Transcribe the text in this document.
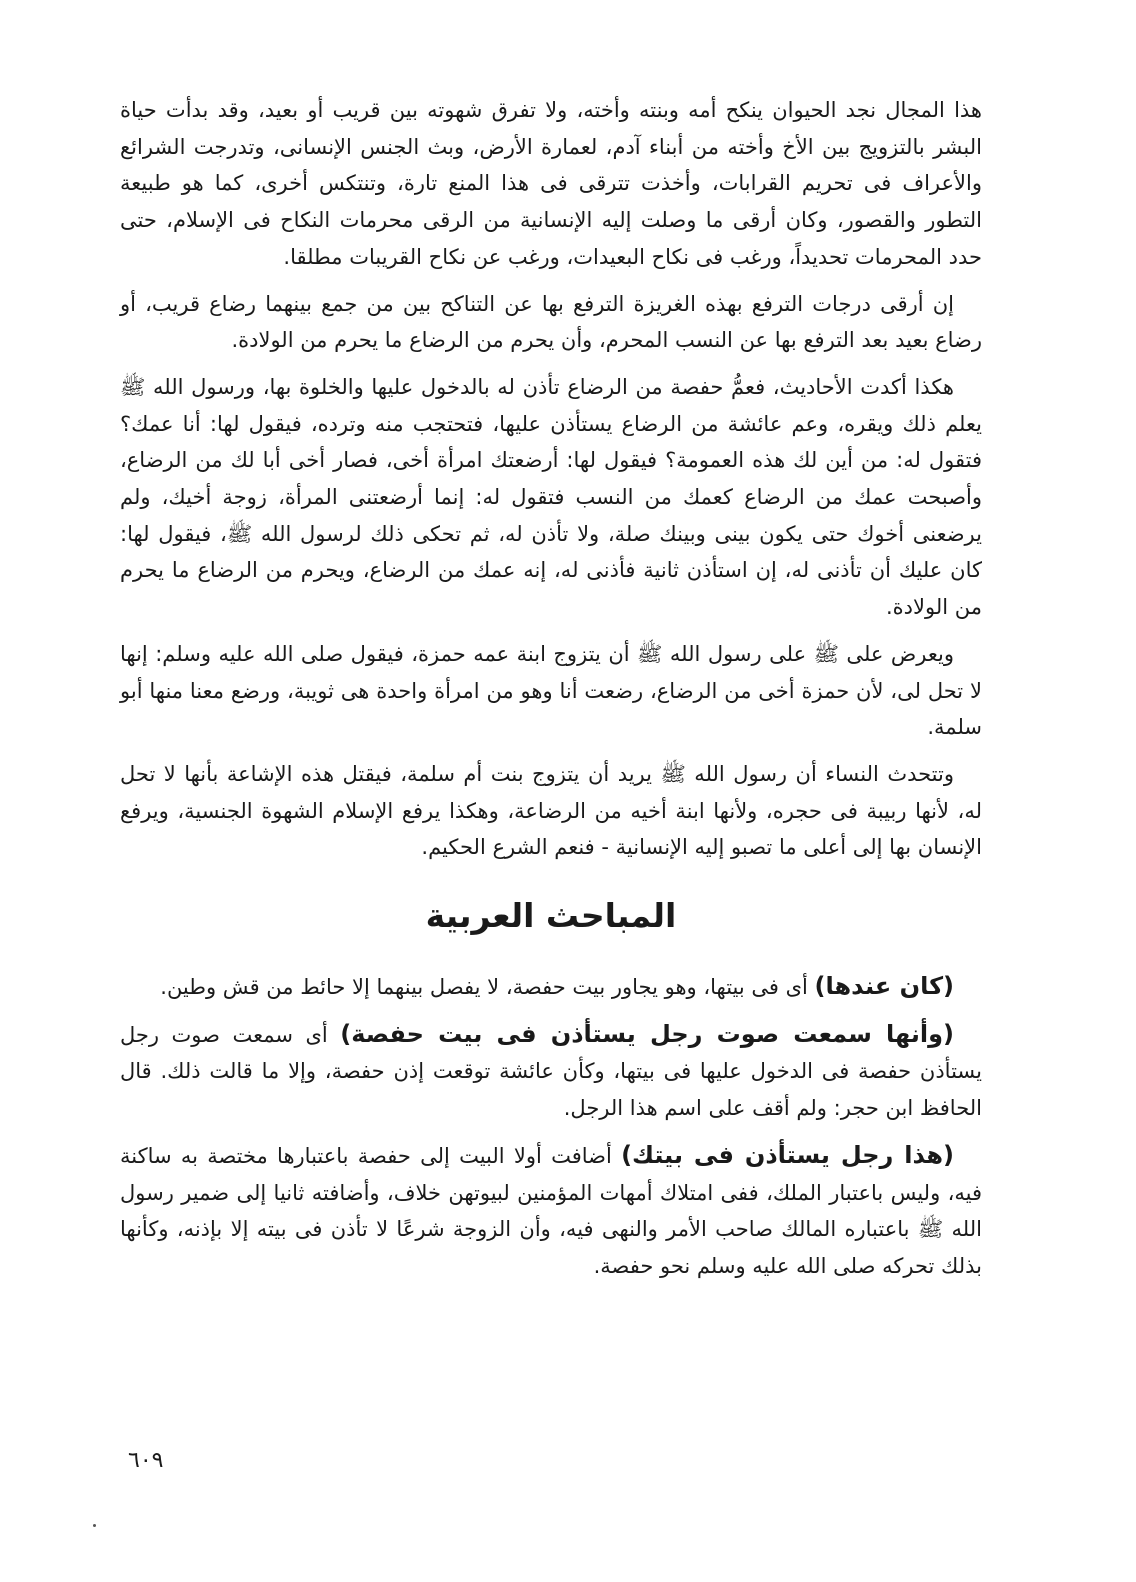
هذا المجال نجد الحيوان ينكح أمه وبنته وأخته، ولا تفرق شهوته بين قريب أو بعيد، وقد بدأت حياة البشر بالتزويج بين الأخ وأخته من أبناء آدم، لعمارة الأرض، وبث الجنس الإنسانى، وتدرجت الشرائع والأعراف فى تحريم القرابات، وأخذت تترقى فى هذا المنع تارة، وتنتكس أخرى، كما هو طبيعة التطور والقصور، وكان أرقى ما وصلت إليه الإنسانية من الرقى محرمات النكاح فى الإسلام، حتى حدد المحرمات تحديداً، ورغب فى نكاح البعيدات، ورغب عن نكاح القريبات مطلقا.

إن أرقى درجات الترفع بهذه الغريزة الترفع بها عن التناكح بين من جمع بينهما رضاع قريب، أو رضاع بعيد بعد الترفع بها عن النسب المحرم، وأن يحرم من الرضاع ما يحرم من الولادة.

هكذا أكدت الأحاديث، فعمُّ حفصة من الرضاع تأذن له بالدخول عليها والخلوة بها، ورسول الله ﷺ يعلم ذلك ويقره، وعم عائشة من الرضاع يستأذن عليها، فتحتجب منه وترده، فيقول لها: أنا عمك؟ فتقول له: من أين لك هذه العمومة؟ فيقول لها: أرضعتك امرأة أخى، فصار أخى أبا لك من الرضاع، وأصبحت عمك من الرضاع كعمك من النسب فتقول له: إنما أرضعتنى المرأة، زوجة أخيك، ولم يرضعنى أخوك حتى يكون بينى وبينك صلة، ولا تأذن له، ثم تحكى ذلك لرسول الله ﷺ، فيقول لها: كان عليك أن تأذنى له، إن استأذن ثانية فأذنى له، إنه عمك من الرضاع، ويحرم من الرضاع ما يحرم من الولادة.

ويعرض على ﷺ على رسول الله ﷺ أن يتزوج ابنة عمه حمزة، فيقول صلى الله عليه وسلم: إنها لا تحل لى، لأن حمزة أخى من الرضاع، رضعت أنا وهو من امرأة واحدة هى ثويبة، ورضع معنا منها أبو سلمة.

وتتحدث النساء أن رسول الله ﷺ يريد أن يتزوج بنت أم سلمة، فيقتل هذه الإشاعة بأنها لا تحل له، لأنها ربيبة فى حجره، ولأنها ابنة أخيه من الرضاعة، وهكذا يرفع الإسلام الشهوة الجنسية، ويرفع الإنسان بها إلى أعلى ما تصبو إليه الإنسانية - فنعم الشرع الحكيم.

المباحث العربية

(كان عندها) أى فى بيتها، وهو يجاور بيت حفصة، لا يفصل بينهما إلا حائط من قش وطين.

(وأنها سمعت صوت رجل يستأذن فى بيت حفصة) أى سمعت صوت رجل يستأذن حفصة فى الدخول عليها فى بيتها، وكأن عائشة توقعت إذن حفصة، وإلا ما قالت ذلك. قال الحافظ ابن حجر: ولم أقف على اسم هذا الرجل.

(هذا رجل يستأذن فى بيتك) أضافت أولا البيت إلى حفصة باعتبارها مختصة به ساكنة فيه، وليس باعتبار الملك، ففى امتلاك أمهات المؤمنين لبيوتهن خلاف، وأضافته ثانيا إلى ضمير رسول الله ﷺ باعتباره المالك صاحب الأمر والنهى فيه، وأن الزوجة شرعًا لا تأذن فى بيته إلا بإذنه، وكأنها بذلك تحركه صلى الله عليه وسلم نحو حفصة.

٦٠٩
